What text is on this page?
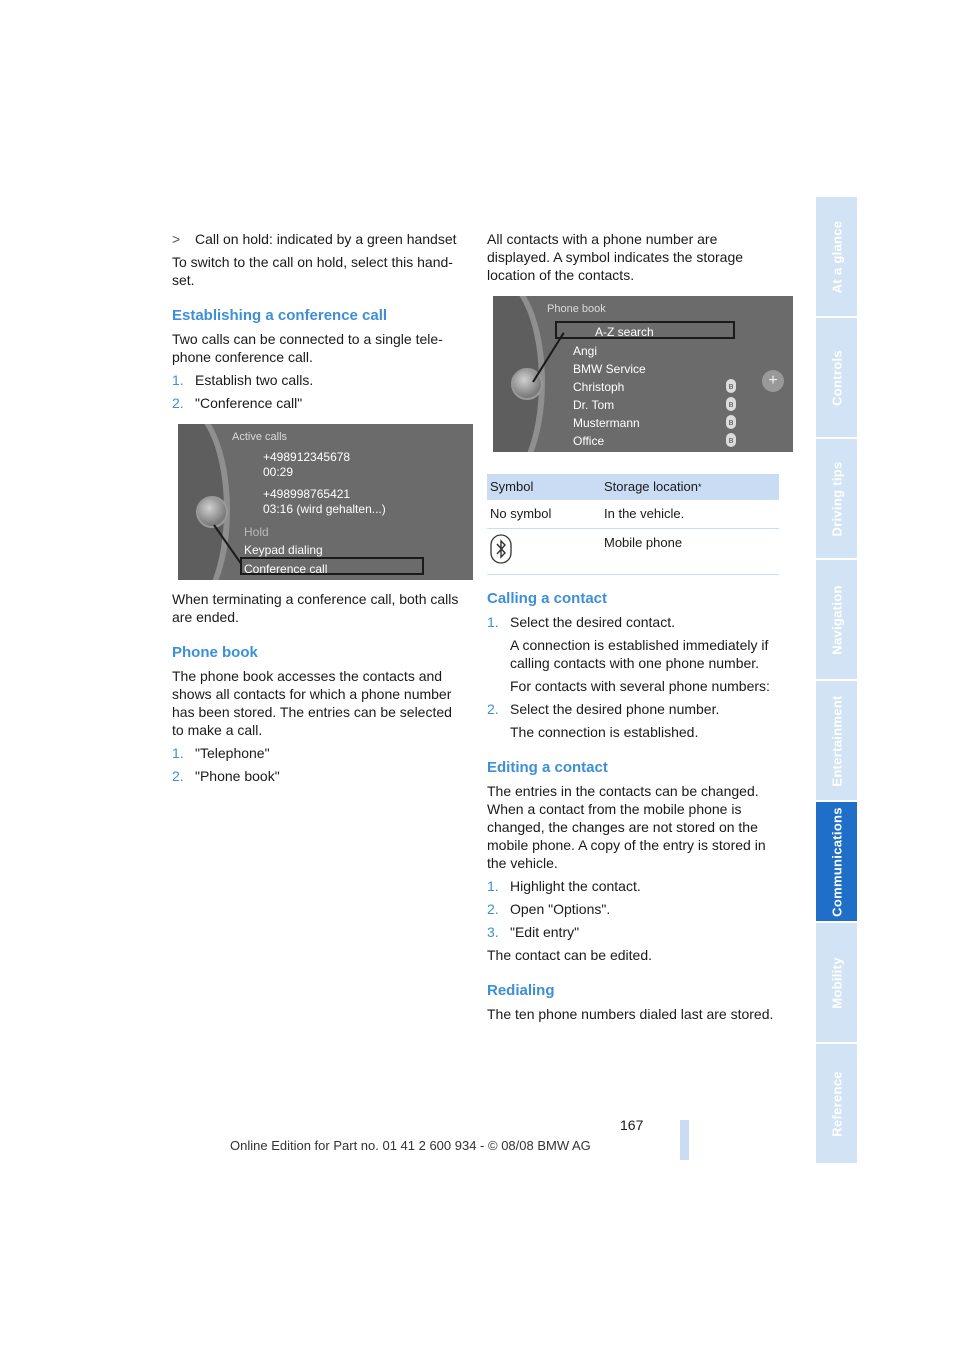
> Call on hold: indicated by a green handset

To switch to the call on hold, select this hand-set.

Establishing a conference call

Two calls can be connected to a single tele-phone conference call.

1. Establish two calls.
2. "Conference call"
Active calls
+498912345678
00:29
+498998765421
03:16 (wird gehalten...)
Hold
Keypad dialing
Conference call

When terminating a conference call, both calls are ended.

Phone book

The phone book accesses the contacts and shows all contacts for which a phone number has been stored. The entries can be selected to make a call.

1. "Telephone"
2. "Phone book"

All contacts with a phone number are displayed. A symbol indicates the storage location of the contacts.

Phone book
A-Z search
Angi
BMW Service
Christoph
Dr. Tom
Mustermann
Office
ʙ
ʙ
ʙ
ʙ
+
Symbol	Storage location*
No symbol	In the vehicle.
	Mobile phone
Calling a contact
1. Select the desired contact.

A connection is established immediately if calling contacts with one phone number.

For contacts with several phone numbers:

2. Select the desired phone number.

The connection is established.

Editing a contact

The entries in the contacts can be changed. When a contact from the mobile phone is changed, the changes are not stored on the mobile phone. A copy of the entry is stored in the vehicle.

1. Highlight the contact.
2. Open "Options".
3. "Edit entry"

The contact can be edited.

Redialing

The ten phone numbers dialed last are stored.

At a glance
Controls
Driving tips
Navigation
Entertainment
Communications
Mobility
Reference
167
Online Edition for Part no. 01 41 2 600 934 - © 08/08 BMW AG
